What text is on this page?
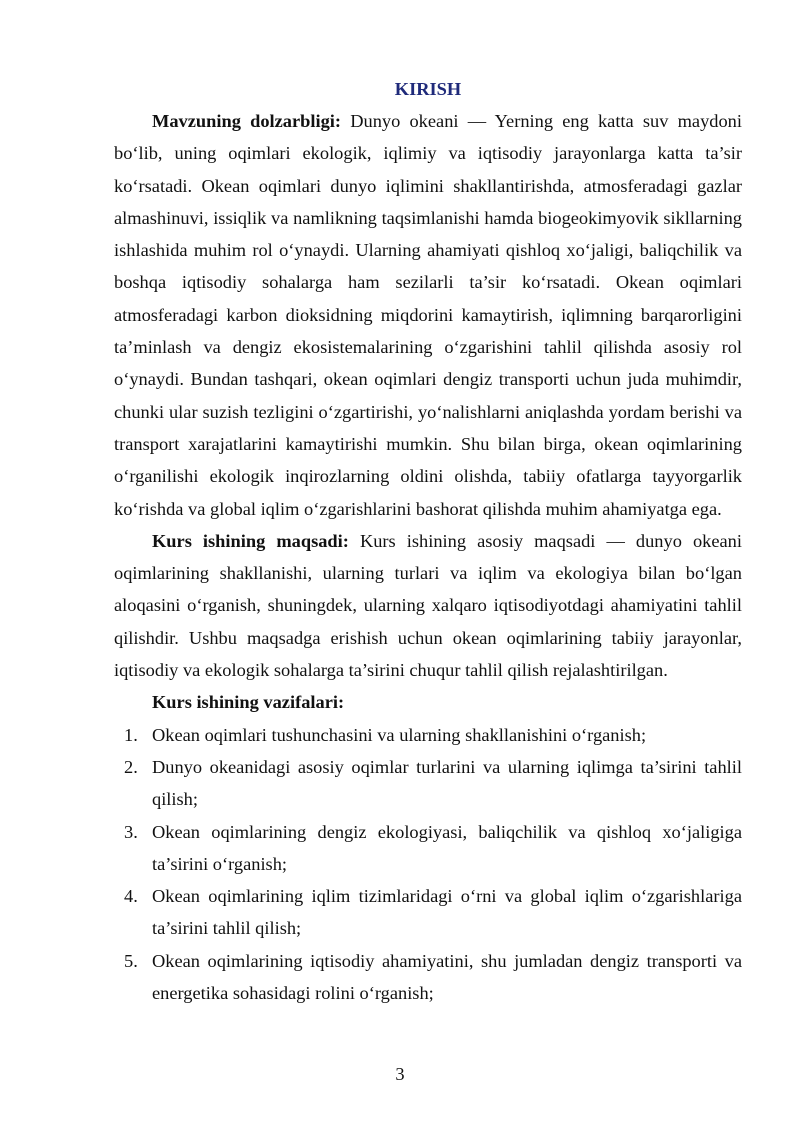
KIRISH

Mavzuning dolzarbligi: Dunyo okeani — Yerning eng katta suv maydoni bo‘lib, uning oqimlari ekologik, iqlimiy va iqtisodiy jarayonlarga katta ta’sir ko‘rsatadi. Okean oqimlari dunyo iqlimini shakllantirishda, atmosferadagi gazlar almashinuvi, issiqlik va namlikning taqsimlanishi hamda biogeokimyovik sikllarning ishlashida muhim rol o‘ynaydi. Ularning ahamiyati qishloq xo‘jaligi, baliqchilik va boshqa iqtisodiy sohalarga ham sezilarli ta’sir ko‘rsatadi. Okean oqimlari atmosferadagi karbon dioksidning miqdorini kamaytirish, iqlimning barqarorligini ta’minlash va dengiz ekosistemalarining o‘zgarishini tahlil qilishda asosiy rol o‘ynaydi. Bundan tashqari, okean oqimlari dengiz transporti uchun juda muhimdir, chunki ular suzish tezligini o‘zgartirishi, yo‘nalishlarni aniqlashda yordam berishi va transport xarajatlarini kamaytirishi mumkin. Shu bilan birga, okean oqimlarining o‘rganilishi ekologik inqirozlarning oldini olishda, tabiiy ofatlarga tayyorgarlik ko‘rishda va global iqlim o‘zgarishlarini bashorat qilishda muhim ahamiyatga ega.

Kurs ishining maqsadi: Kurs ishining asosiy maqsadi — dunyo okeani oqimlarining shakllanishi, ularning turlari va iqlim va ekologiya bilan bo‘lgan aloqasini o‘rganish, shuningdek, ularning xalqaro iqtisodiyotdagi ahamiyatini tahlil qilishdir. Ushbu maqsadga erishish uchun okean oqimlarining tabiiy jarayonlar, iqtisodiy va ekologik sohalarga ta’sirini chuqur tahlil qilish rejalashtirilgan.

Kurs ishining vazifalari:

1. Okean oqimlari tushunchasini va ularning shakllanishini o‘rganish;
2. Dunyo okeanidagi asosiy oqimlar turlarini va ularning iqlimga ta’sirini tahlil qilish;
3. Okean oqimlarining dengiz ekologiyasi, baliqchilik va qishloq xo‘jaligiga ta’sirini o‘rganish;
4. Okean oqimlarining iqlim tizimlaridagi o‘rni va global iqlim o‘zgarishlariga ta’sirini tahlil qilish;
5. Okean oqimlarining iqtisodiy ahamiyatini, shu jumladan dengiz transporti va energetika sohasidagi rolini o‘rganish;
3
